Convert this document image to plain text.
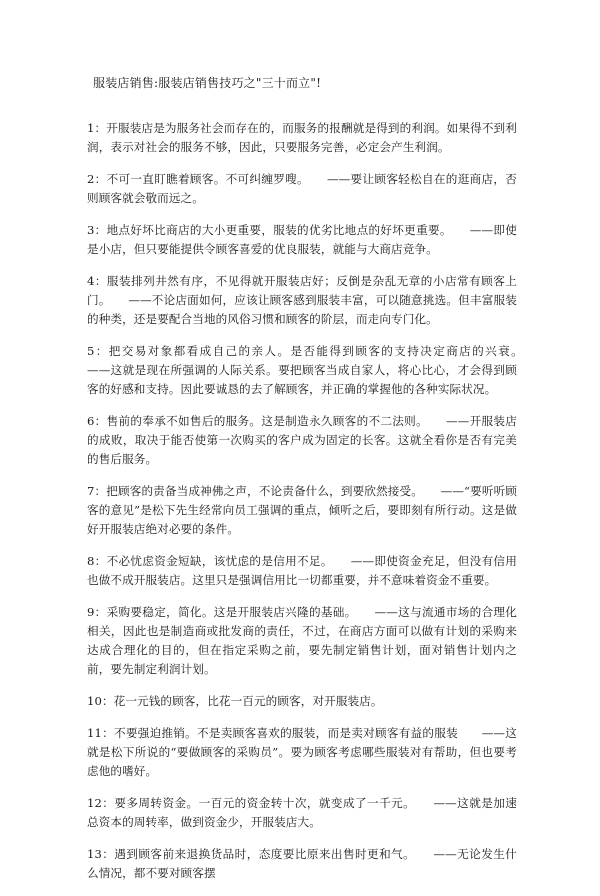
服装店销售:服装店销售技巧之"三十而立"!

1：开服装店是为服务社会而存在的，而服务的报酬就是得到的利润。如果得不到利润，表示对社会的服务不够，因此，只要服务完善，必定会产生利润。

2：不可一直盯瞧着顾客。不可纠缠罗嗖。　　——要让顾客轻松自在的逛商店，否则顾客就会敬而远之。

3：地点好坏比商店的大小更重要，服装的优劣比地点的好坏更重要。　　——即使是小店，但只要能提供令顾客喜爱的优良服装，就能与大商店竞争。

4：服装排列井然有序，不见得就开服装店好；反倒是杂乱无章的小店常有顾客上门。　　——不论店面如何，应该让顾客感到服装丰富，可以随意挑选。但丰富服装的种类，还是要配合当地的风俗习惯和顾客的阶层，而走向专门化。

5：把交易对象都看成自己的亲人。是否能得到顾客的支持决定商店的兴衰。　　——这就是现在所强调的人际关系。要把顾客当成自家人，将心比心，才会得到顾客的好感和支持。因此要诚恳的去了解顾客，并正确的掌握他的各种实际状况。

6：售前的奉承不如售后的服务。这是制造永久顾客的不二法则。　　——开服装店的成败，取决于能否使第一次购买的客户成为固定的长客。这就全看你是否有完美的售后服务。

7：把顾客的责备当成神佛之声，不论责备什么，到要欣然接受。　　——“要听听顾客的意见”是松下先生经常向员工强调的重点，倾听之后，要即刻有所行动。这是做好开服装店绝对必要的条件。

8：不必忧虑资金短缺，该忧虑的是信用不足。　　——即使资金充足，但没有信用也做不成开服装店。这里只是强调信用比一切都重要，并不意味着资金不重要。

9：采购要稳定，简化。这是开服装店兴隆的基础。　　——这与流通市场的合理化相关，因此也是制造商或批发商的责任，不过，在商店方面可以做有计划的采购来达成合理化的目的，但在指定采购之前，要先制定销售计划，面对销售计划内之前，要先制定利润计划。

10：花一元钱的顾客，比花一百元的顾客，对开服装店。

11：不要强迫推销。不是卖顾客喜欢的服装，而是卖对顾客有益的服装　　——这就是松下所说的“要做顾客的采购员”。要为顾客考虑哪些服装对有帮助，但也要考虑他的嗜好。

12：要多周转资金。一百元的资金转十次，就变成了一千元。　　——这就是加速总资本的周转率，做到资金少，开服装店大。

13：遇到顾客前来退换货品时，态度要比原来出售时更和气。　　——无论发生什么情况，都不要对顾客摆
